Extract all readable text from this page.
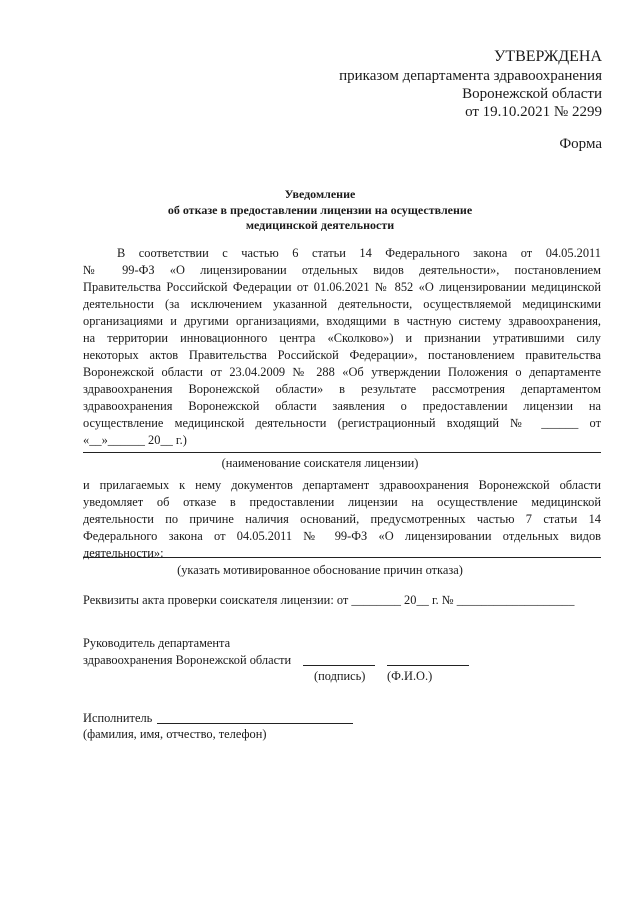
УТВЕРЖДЕНА
приказом департамента здравоохранения
Воронежской области
от 19.10.2021 № 2299
Форма
Уведомление
об отказе в предоставлении лицензии на осуществление
медицинской деятельности
В соответствии с частью 6 статьи 14 Федерального закона от 04.05.2011
№ 99-ФЗ «О лицензировании отдельных видов деятельности», постановлением
Правительства Российской Федерации от 01.06.2021 № 852 «О лицензировании медицинской
деятельности (за исключением указанной деятельности, осуществляемой медицинскими
организациями и другими организациями, входящими в частную систему здравоохранения,
на территории инновационного центра «Сколково») и признании утратившими силу
некоторых актов Правительства Российской Федерации», постановлением правительства
Воронежской области от 23.04.2009 № 288 «Об утверждении Положения о департаменте
здравоохранения Воронежской области» в результате рассмотрения департаментом
здравоохранения Воронежской области заявления о предоставлении лицензии на
осуществление медицинской деятельности (регистрационный входящий № ______ от
«__»______ 20__ г.)
(наименование соискателя лицензии)
и прилагаемых к нему документов департамент здравоохранения Воронежской области
уведомляет об отказе в предоставлении лицензии на осуществление медицинской
деятельности по причине наличия оснований, предусмотренных частью 7 статьи 14
Федерального закона от 04.05.2011 № 99-ФЗ «О лицензировании отдельных видов
деятельности»:
(указать мотивированное обоснование причин отказа)
Реквизиты акта проверки соискателя лицензии: от ________ 20__ г. № ___________________
Руководитель департамента
здравоохранения Воронежской области
(подпись) (Ф.И.О.)
Исполнитель
(фамилия, имя, отчество, телефон)
